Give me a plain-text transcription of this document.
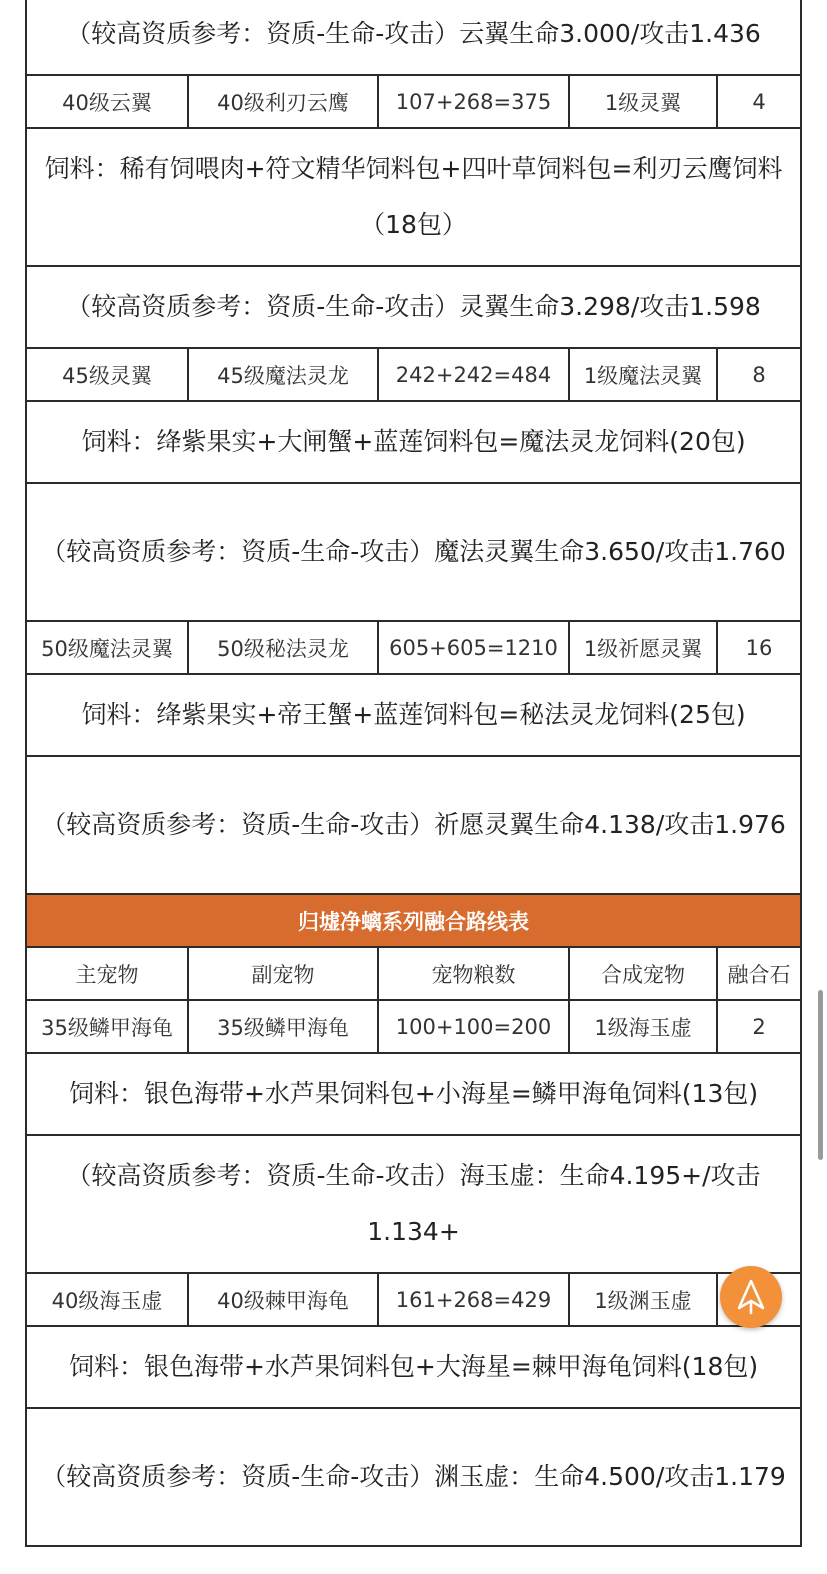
（较高资质参考：资质-生命-攻击）云翼生命3.000/攻击1.436				
40级云翼	40级利刃云鹰	107+268=375	1级灵翼	4
饲料：稀有饲喂肉+符文精华饲料包+四叶草饲料包=利刃云鹰饲料（18包）				
（较高资质参考：资质-生命-攻击）灵翼生命3.298/攻击1.598				
45级灵翼	45级魔法灵龙	242+242=484	1级魔法灵翼	8
饲料：绛紫果实+大闸蟹+蓝莲饲料包=魔法灵龙饲料(20包)				
（较高资质参考：资质-生命-攻击）魔法灵翼生命3.650/攻击1.760				
50级魔法灵翼	50级秘法灵龙	605+605=1210	1级祈愿灵翼	16
饲料：绛紫果实+帝王蟹+蓝莲饲料包=秘法灵龙饲料(25包)				
（较高资质参考：资质-生命-攻击）祈愿灵翼生命4.138/攻击1.976				
归墟净螭系列融合路线表				
主宠物	副宠物	宠物粮数	合成宠物	融合石
35级鳞甲海龟	35级鳞甲海龟	100+100=200	1级海玉虚	2
饲料：银色海带+水芦果饲料包+小海星=鳞甲海龟饲料(13包)				
（较高资质参考：资质-生命-攻击）海玉虚：生命4.195+/攻击1.134+				
40级海玉虚	40级棘甲海龟	161+268=429	1级渊玉虚	
饲料：银色海带+水芦果饲料包+大海星=棘甲海龟饲料(18包)				
（较高资质参考：资质-生命-攻击）渊玉虚：生命4.500/攻击1.179				
